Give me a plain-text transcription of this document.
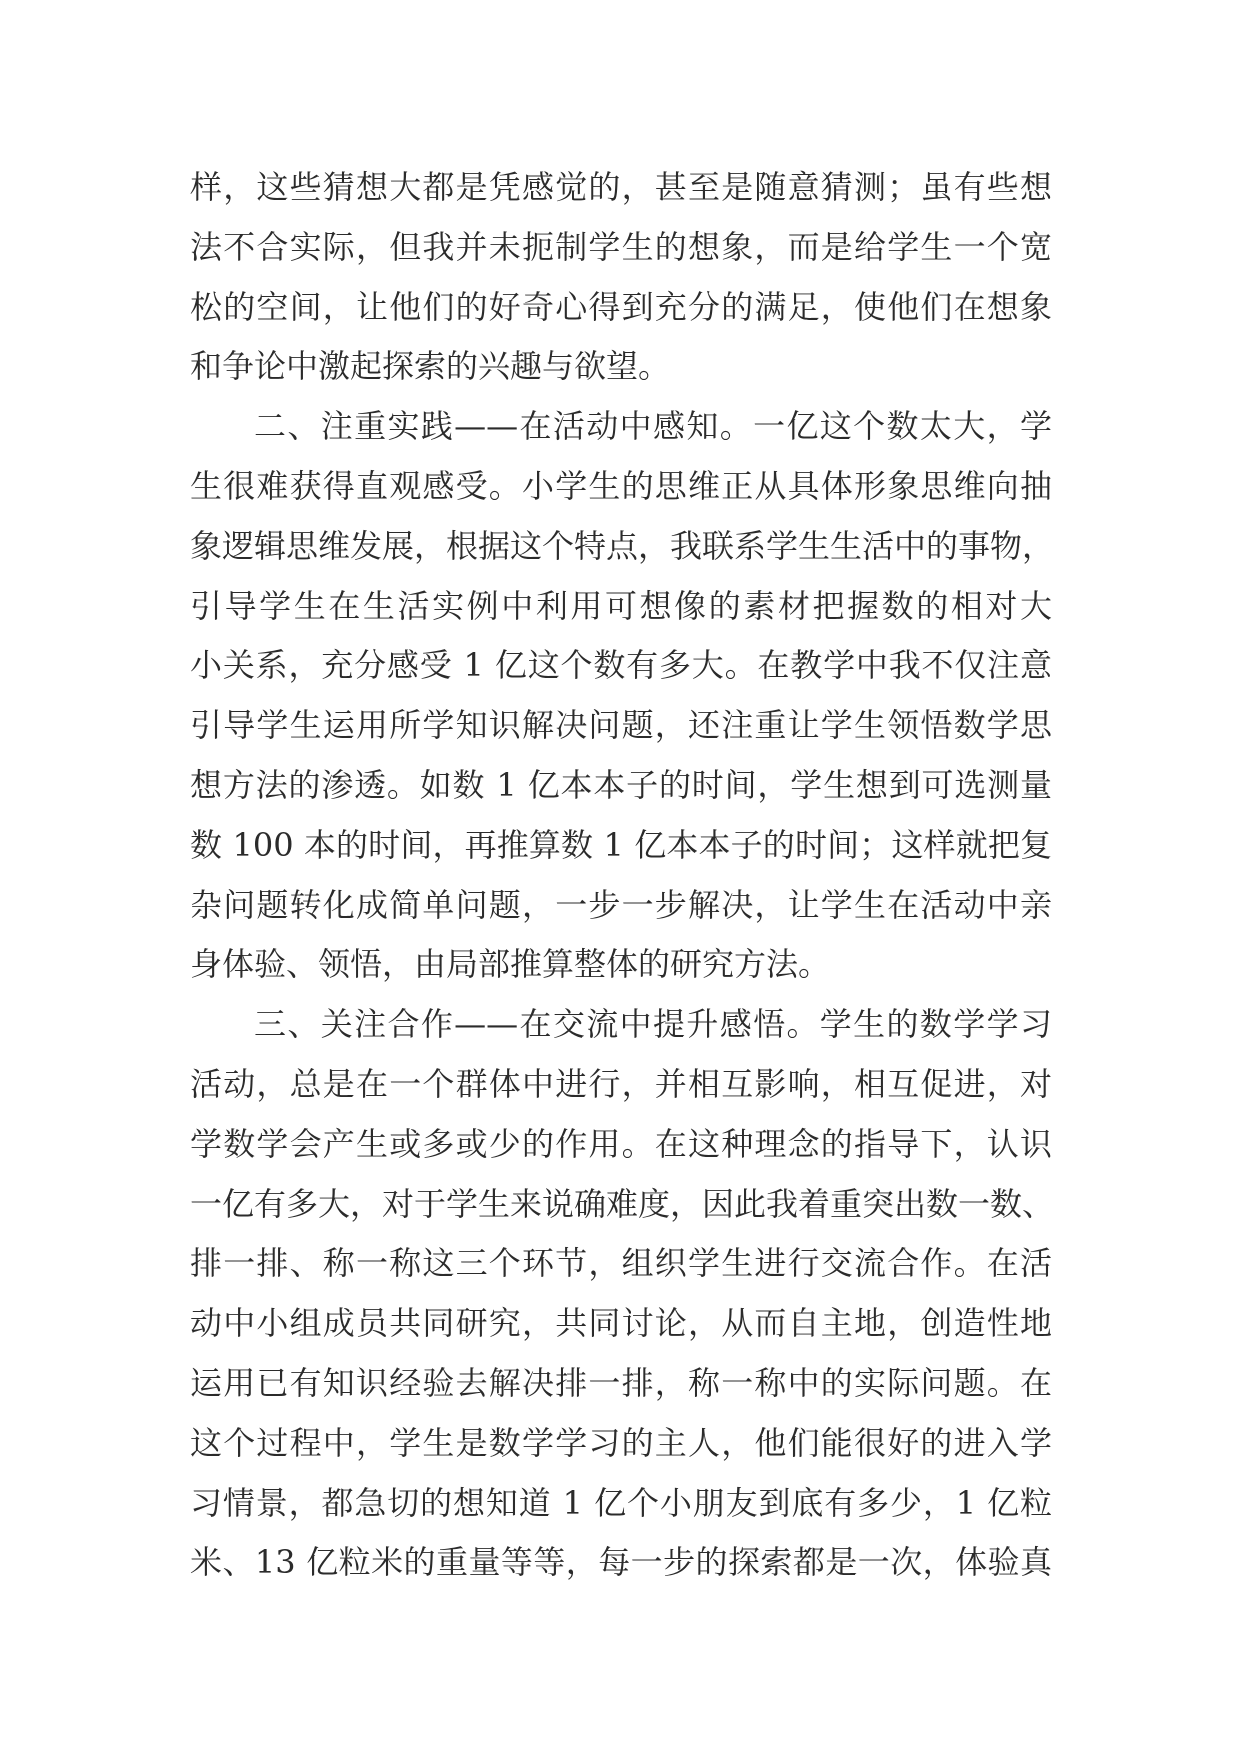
样，这些猜想大都是凭感觉的，甚至是随意猜测；虽有些想
法不合实际，但我并未扼制学生的想象，而是给学生一个宽
松的空间，让他们的好奇心得到充分的满足，使他们在想象
和争论中激起探索的兴趣与欲望。
二、注重实践——在活动中感知。一亿这个数太大，学
生很难获得直观感受。小学生的思维正从具体形象思维向抽
象逻辑思维发展，根据这个特点，我联系学生生活中的事物，
引导学生在生活实例中利用可想像的素材把握数的相对大
小关系，充分感受 1 亿这个数有多大。在教学中我不仅注意
引导学生运用所学知识解决问题，还注重让学生领悟数学思
想方法的渗透。如数 1 亿本本子的时间，学生想到可选测量
数 100 本的时间，再推算数 1 亿本本子的时间；这样就把复
杂问题转化成简单问题，一步一步解决，让学生在活动中亲
身体验、领悟，由局部推算整体的研究方法。
三、关注合作——在交流中提升感悟。学生的数学学习
活动，总是在一个群体中进行，并相互影响，相互促进，对
学数学会产生或多或少的作用。在这种理念的指导下，认识
一亿有多大，对于学生来说确难度，因此我着重突出数一数、
排一排、称一称这三个环节，组织学生进行交流合作。在活
动中小组成员共同研究，共同讨论，从而自主地，创造性地
运用已有知识经验去解决排一排，称一称中的实际问题。在
这个过程中，学生是数学学习的主人，他们能很好的进入学
习情景，都急切的想知道 1 亿个小朋友到底有多少，1 亿粒
米、13 亿粒米的重量等等，每一步的探索都是一次，体验真
